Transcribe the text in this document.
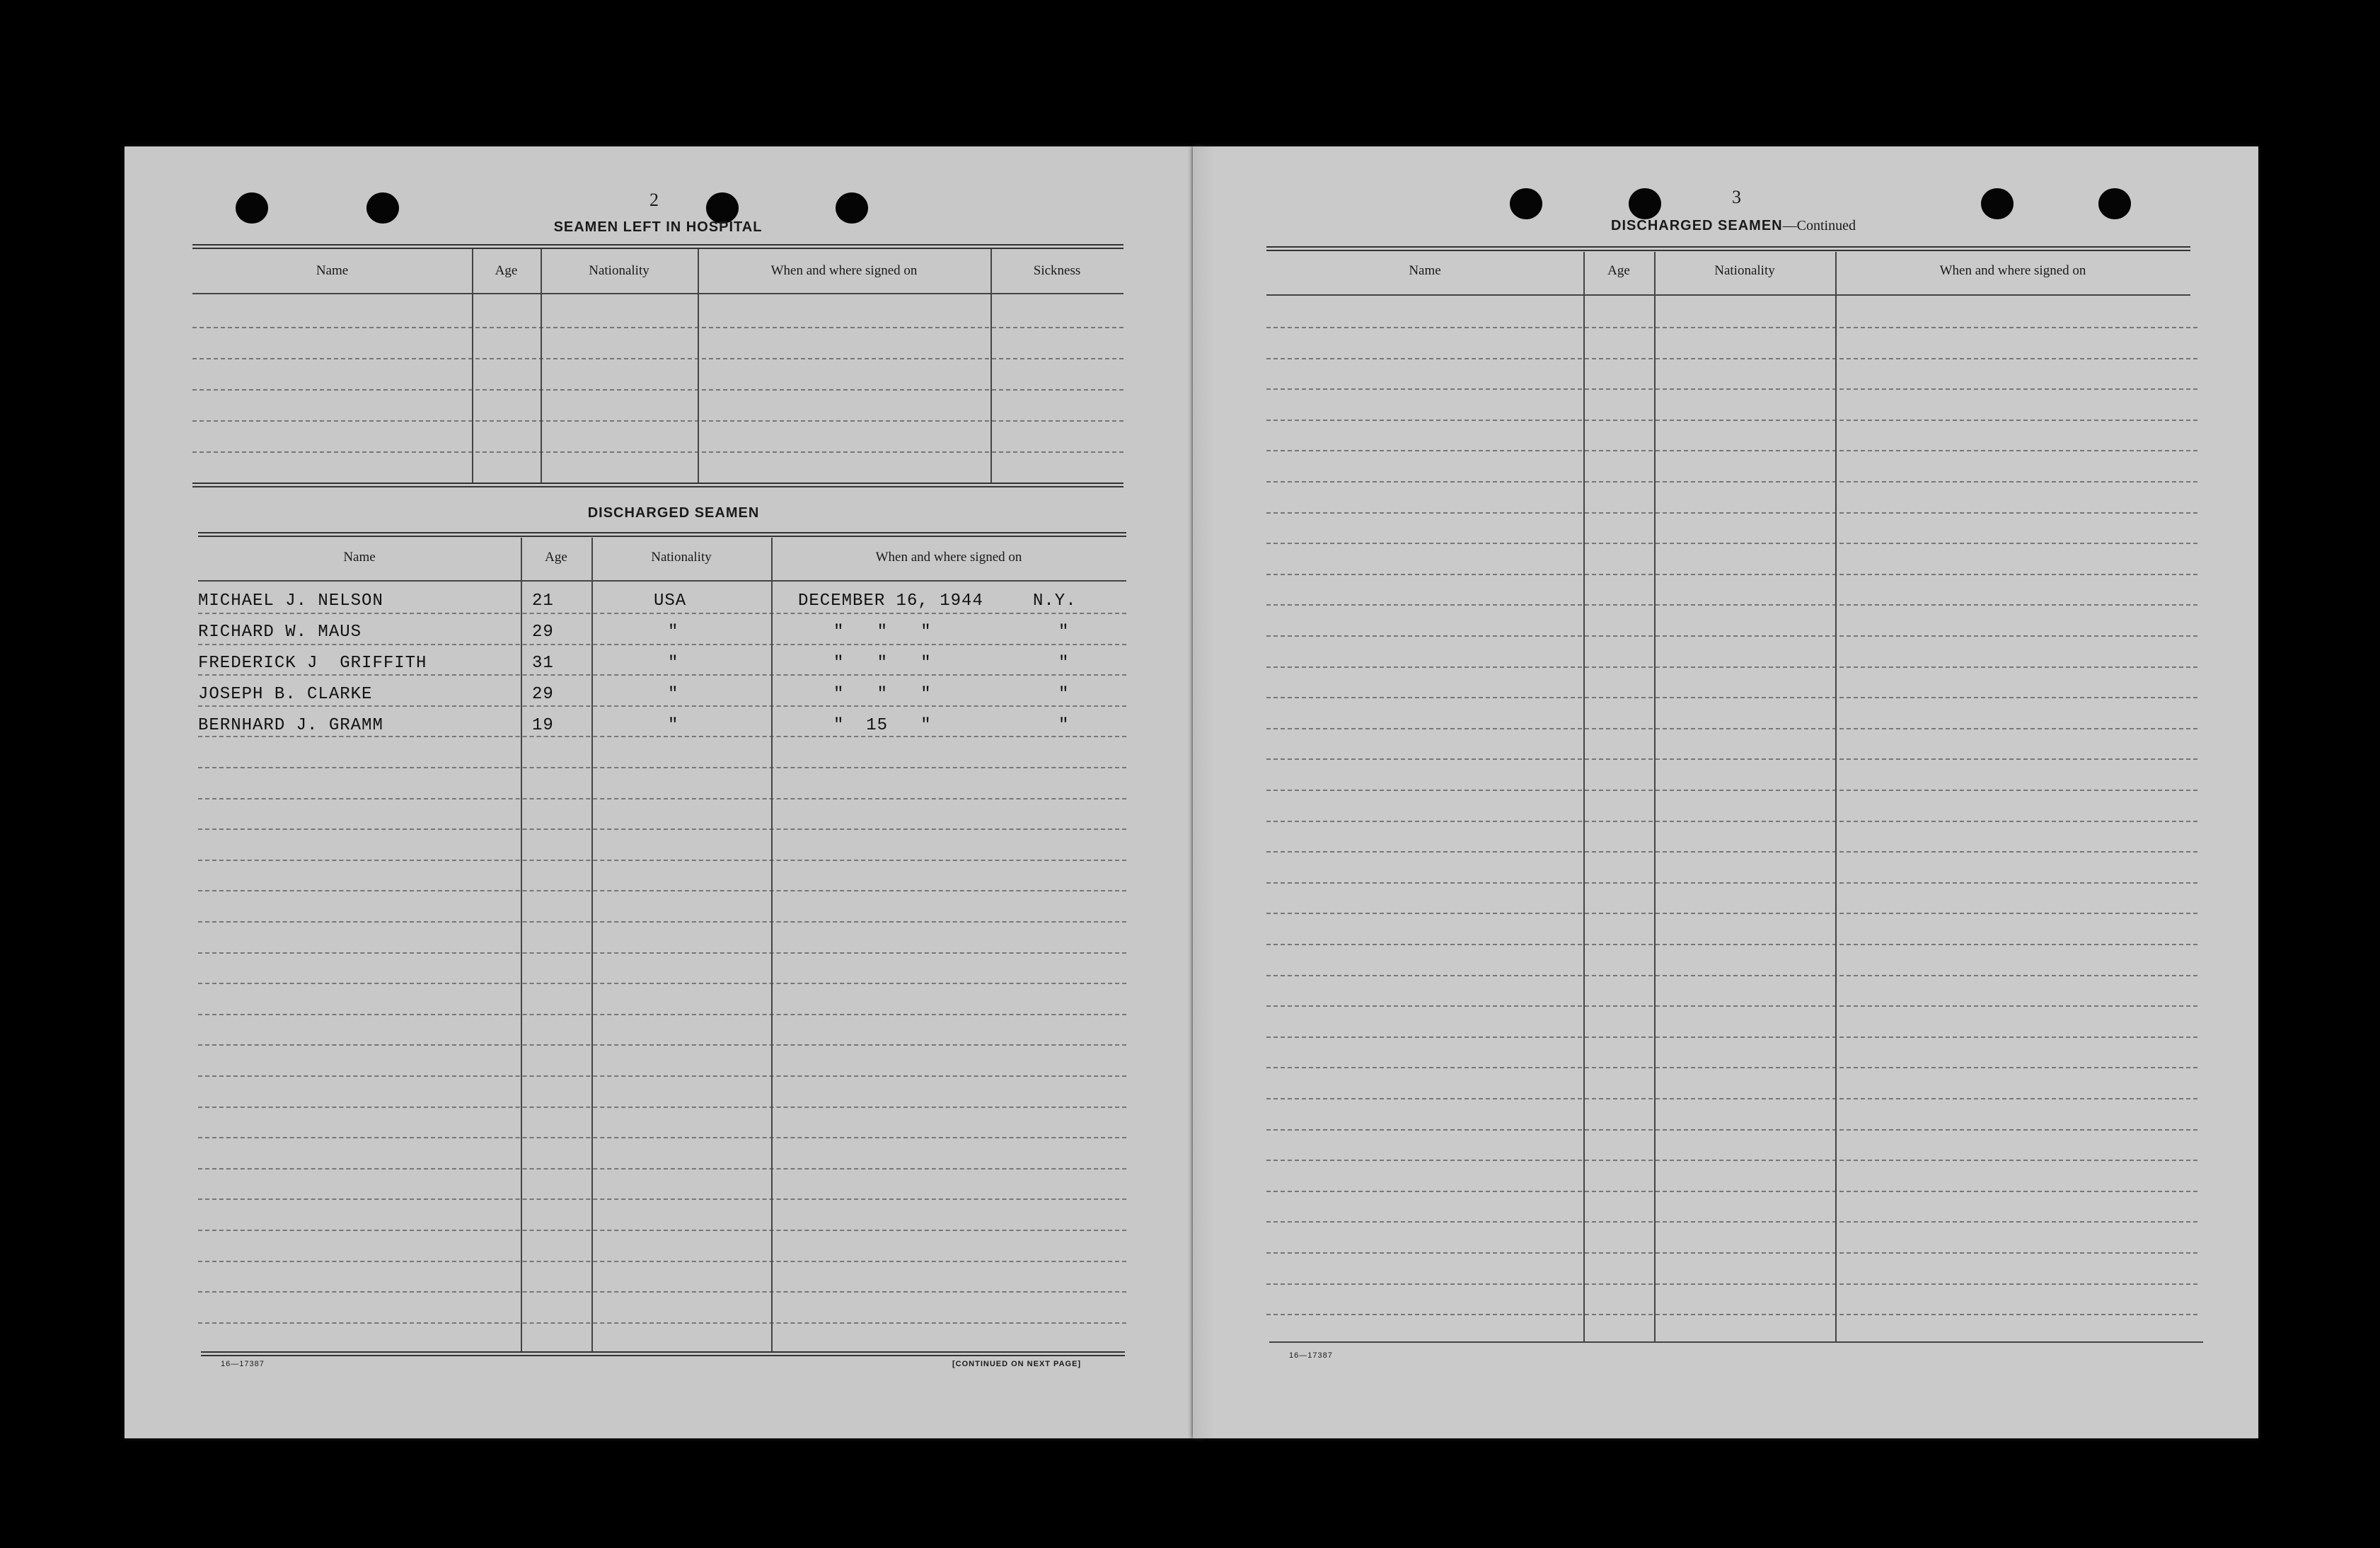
2
SEAMEN LEFT IN HOSPITAL
Name	Age	Nationality	When and where signed on	Sickness
DISCHARGED SEAMEN
Name	Age	Nationality	When and where signed on
MICHAEL J. NELSON	21	USA	DECEMBER 16, 1944	N.Y.
RICHARD W. MAUS	29	"	"   "   "	"
FREDERICK J  GRIFFITH	31	"	"   "   "	"
JOSEPH B. CLARKE	29	"	"   "   "	"
BERNHARD J. GRAMM	19	"	"  15   "	"
16—17387	[CONTINUED ON NEXT PAGE]
3
DISCHARGED SEAMEN—Continued
Name	Age	Nationality	When and where signed on
16—17387
